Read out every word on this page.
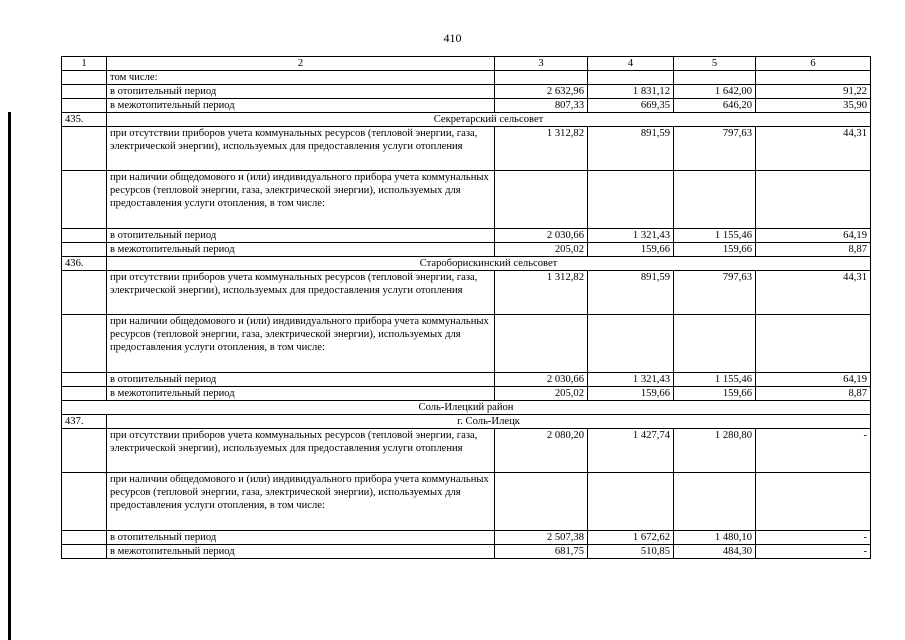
410
1	2	3	4	5	6
	том числе:				
	в отопительный период	2 632,96	1 831,12	1 642,00	91,22
	в межотопительный период	807,33	669,35	646,20	35,90
435.	Секретарский сельсовет				
	при отсутствии приборов учета коммунальных ресурсов (тепловой энергии, газа, электрической энергии), используемых для предоставления услуги отопления	1 312,82	891,59	797,63	44,31
	при наличии общедомового и (или) индивидуального прибора учета коммунальных ресурсов (тепловой энергии, газа, электрической энергии), используемых для предоставления услуги отопления, в том числе:				
	в отопительный период	2 030,66	1 321,43	1 155,46	64,19
	в межотопительный период	205,02	159,66	159,66	8,87
436.	Староборискинский сельсовет				
	при отсутствии приборов учета коммунальных ресурсов (тепловой энергии, газа, электрической энергии), используемых для предоставления услуги отопления	1 312,82	891,59	797,63	44,31
	при наличии общедомового и (или) индивидуального прибора учета коммунальных ресурсов (тепловой энергии, газа, электрической энергии), используемых для предоставления услуги отопления, в том числе:				
	в отопительный период	2 030,66	1 321,43	1 155,46	64,19
	в межотопительный период	205,02	159,66	159,66	8,87
Соль-Илецкий район					
437.	г. Соль-Илецк				
	при отсутствии приборов учета коммунальных ресурсов (тепловой энергии, газа, электрической энергии), используемых для предоставления услуги отопления	2 080,20	1 427,74	1 280,80	-
	при наличии общедомового и (или) индивидуального прибора учета коммунальных ресурсов (тепловой энергии, газа, электрической энергии), используемых для предоставления услуги отопления, в том числе:				
	в отопительный период	2 507,38	1 672,62	1 480,10	-
	в межотопительный период	681,75	510,85	484,30	-
